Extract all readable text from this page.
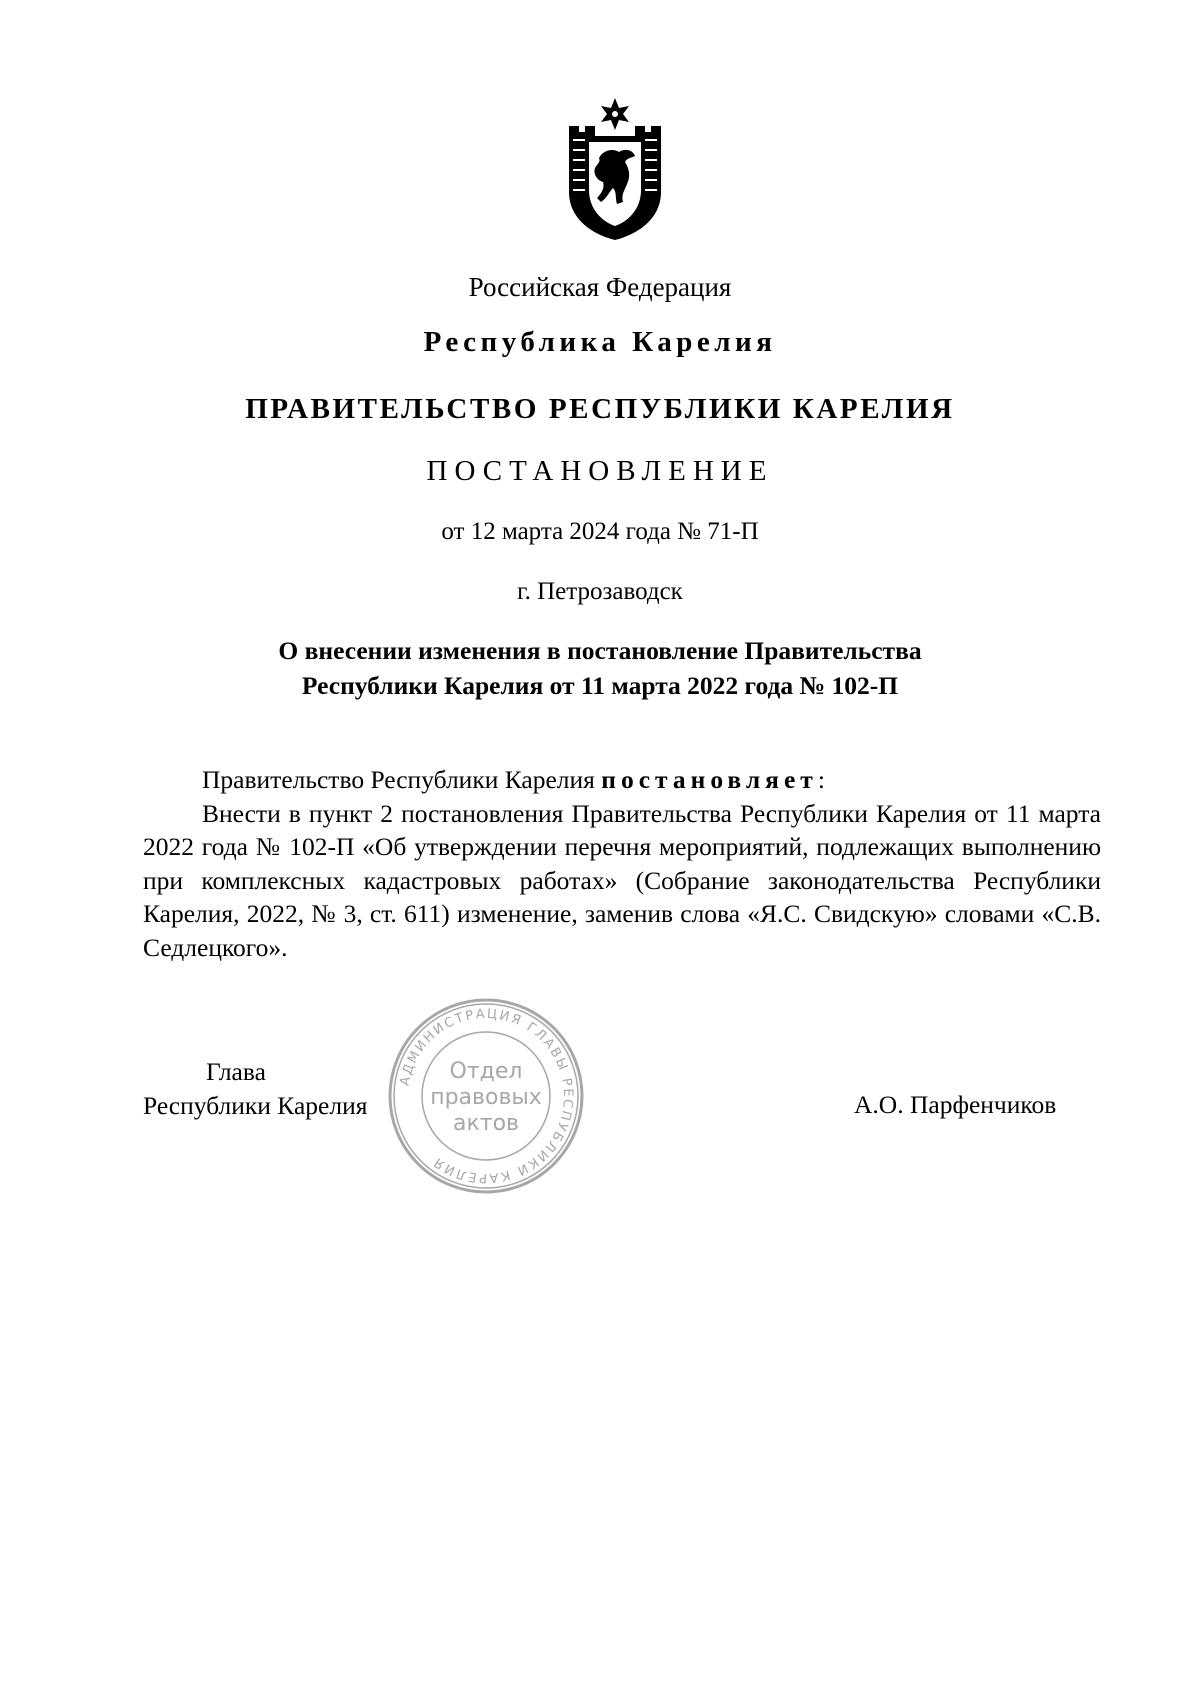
Российская Федерация
Республика Карелия
ПРАВИТЕЛЬСТВО РЕСПУБЛИКИ КАРЕЛИЯ
ПОСТАНОВЛЕНИЕ
от 12 марта 2024 года № 71-П
г. Петрозаводск
О внесении изменения в постановление Правительства
Республики Карелия от 11 марта 2022 года № 102-П

Правительство Республики Карелия постановляет:

Внести в пункт 2 постановления Правительства Республики Карелия от 11 марта 2022 года № 102-П «Об утверждении перечня мероприятий, подлежащих выполнению при комплексных кадастровых работах» (Собрание законодательства Республики Карелия, 2022, № 3, ст. 611) изменение, заменив слова «Я.С. Свидскую» словами «С.В. Седлецкого».

Глава
Республики Карелия
АДМИНИСТРАЦИЯ ГЛАВЫ РЕСПУБЛИКИ КАРЕЛИЯ
Отдел
правовых
актов
А.О. Парфенчиков
